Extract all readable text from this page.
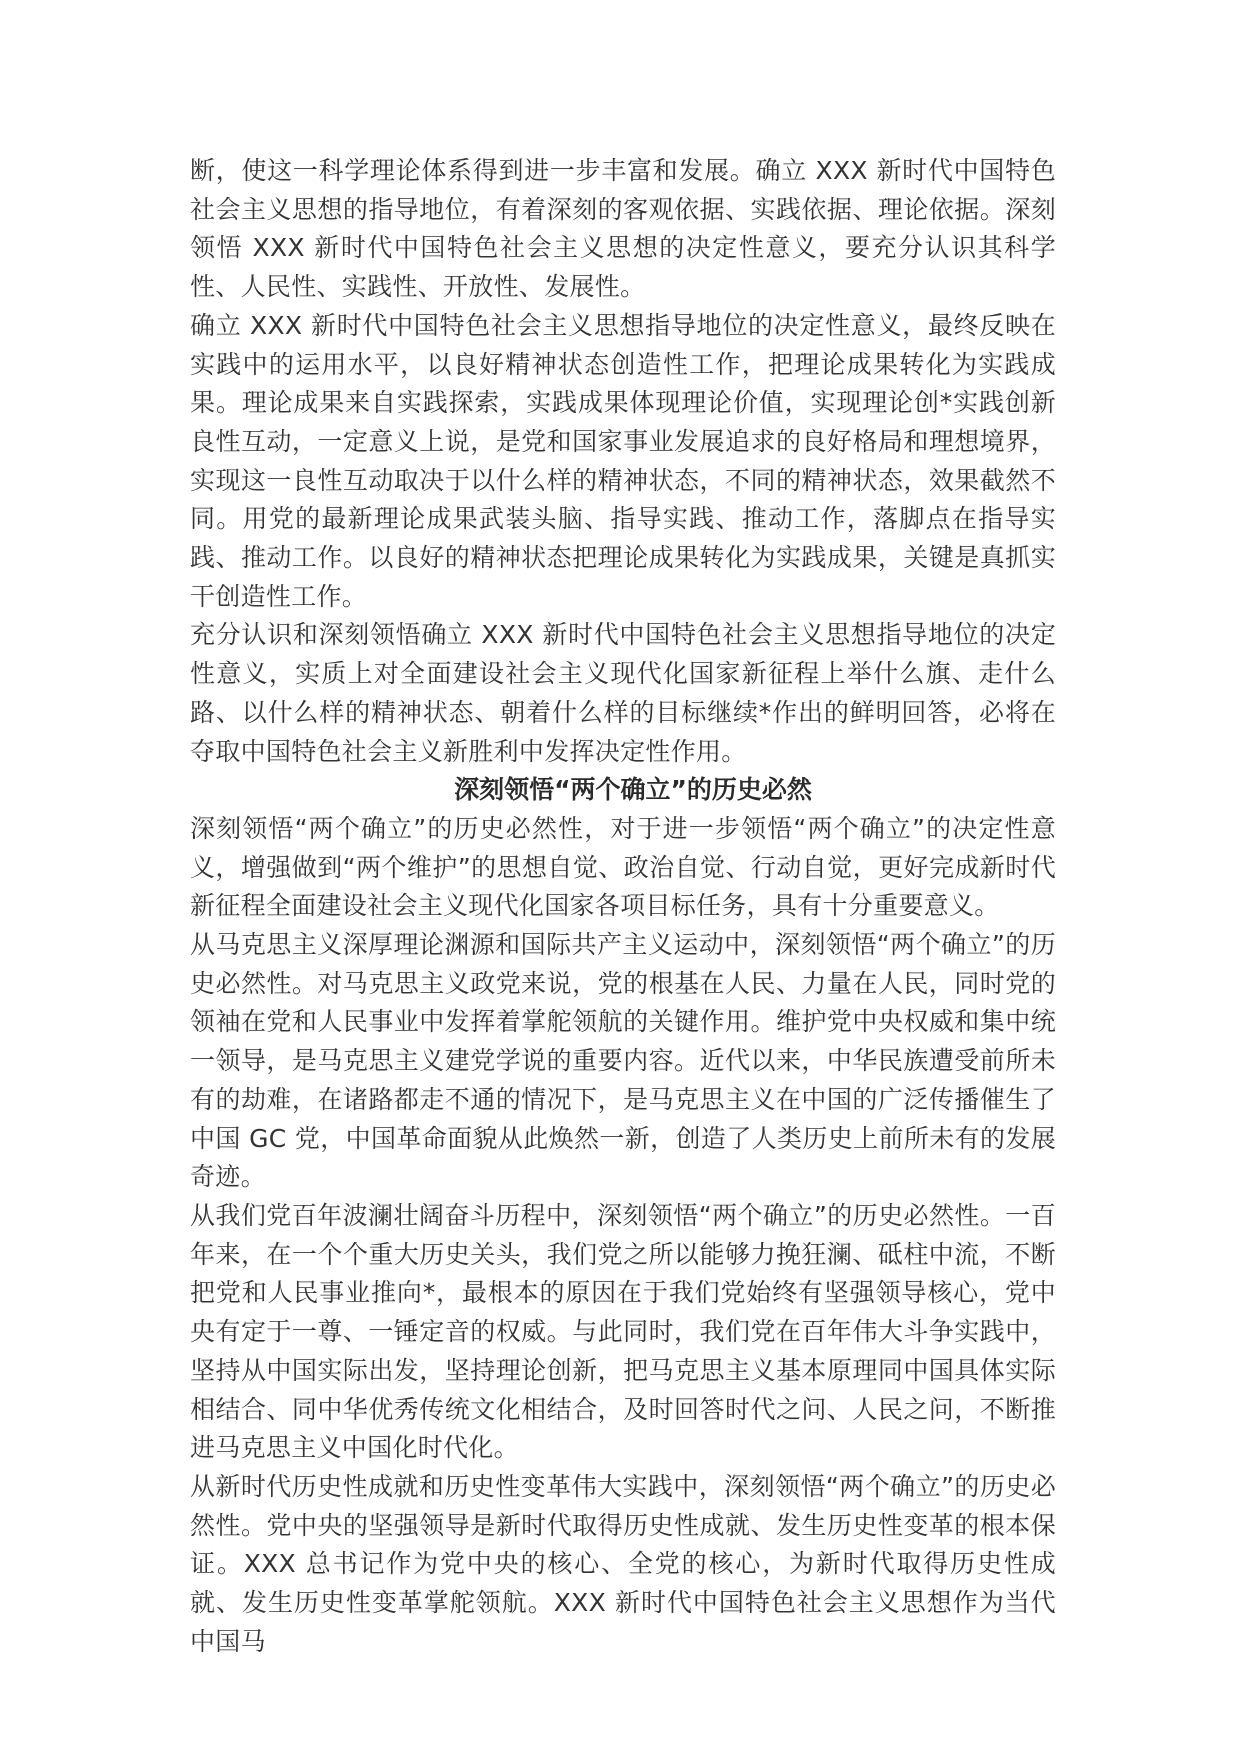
断，使这一科学理论体系得到进一步丰富和发展。确立 XXX 新时代中国特色社会主义思想的指导地位，有着深刻的客观依据、实践依据、理论依据。深刻领悟 XXX 新时代中国特色社会主义思想的决定性意义，要充分认识其科学性、人民性、实践性、开放性、发展性。

确立 XXX 新时代中国特色社会主义思想指导地位的决定性意义，最终反映在实践中的运用水平，以良好精神状态创造性工作，把理论成果转化为实践成果。理论成果来自实践探索，实践成果体现理论价值，实现理论创*实践创新良性互动，一定意义上说，是党和国家事业发展追求的良好格局和理想境界，实现这一良性互动取决于以什么样的精神状态，不同的精神状态，效果截然不同。用党的最新理论成果武装头脑、指导实践、推动工作，落脚点在指导实践、推动工作。以良好的精神状态把理论成果转化为实践成果，关键是真抓实干创造性工作。

充分认识和深刻领悟确立 XXX 新时代中国特色社会主义思想指导地位的决定性意义，实质上对全面建设社会主义现代化国家新征程上举什么旗、走什么路、以什么样的精神状态、朝着什么样的目标继续*作出的鲜明回答，必将在夺取中国特色社会主义新胜利中发挥决定性作用。

深刻领悟“两个确立”的历史必然

深刻领悟“两个确立”的历史必然性，对于进一步领悟“两个确立”的决定性意义，增强做到“两个维护”的思想自觉、政治自觉、行动自觉，更好完成新时代新征程全面建设社会主义现代化国家各项目标任务，具有十分重要意义。

从马克思主义深厚理论渊源和国际共产主义运动中，深刻领悟“两个确立”的历史必然性。对马克思主义政党来说，党的根基在人民、力量在人民，同时党的领袖在党和人民事业中发挥着掌舵领航的关键作用。维护党中央权威和集中统一领导，是马克思主义建党学说的重要内容。近代以来，中华民族遭受前所未有的劫难，在诸路都走不通的情况下，是马克思主义在中国的广泛传播催生了中国 GC 党，中国革命面貌从此焕然一新，创造了人类历史上前所未有的发展奇迹。

从我们党百年波澜壮阔奋斗历程中，深刻领悟“两个确立”的历史必然性。一百年来，在一个个重大历史关头，我们党之所以能够力挽狂澜、砥柱中流，不断把党和人民事业推向*，最根本的原因在于我们党始终有坚强领导核心，党中央有定于一尊、一锤定音的权威。与此同时，我们党在百年伟大斗争实践中，坚持从中国实际出发，坚持理论创新，把马克思主义基本原理同中国具体实际相结合、同中华优秀传统文化相结合，及时回答时代之问、人民之问，不断推进马克思主义中国化时代化。

从新时代历史性成就和历史性变革伟大实践中，深刻领悟“两个确立”的历史必然性。党中央的坚强领导是新时代取得历史性成就、发生历史性变革的根本保证。XXX 总书记作为党中央的核心、全党的核心，为新时代取得历史性成就、发生历史性变革掌舵领航。XXX 新时代中国特色社会主义思想作为当代中国马
